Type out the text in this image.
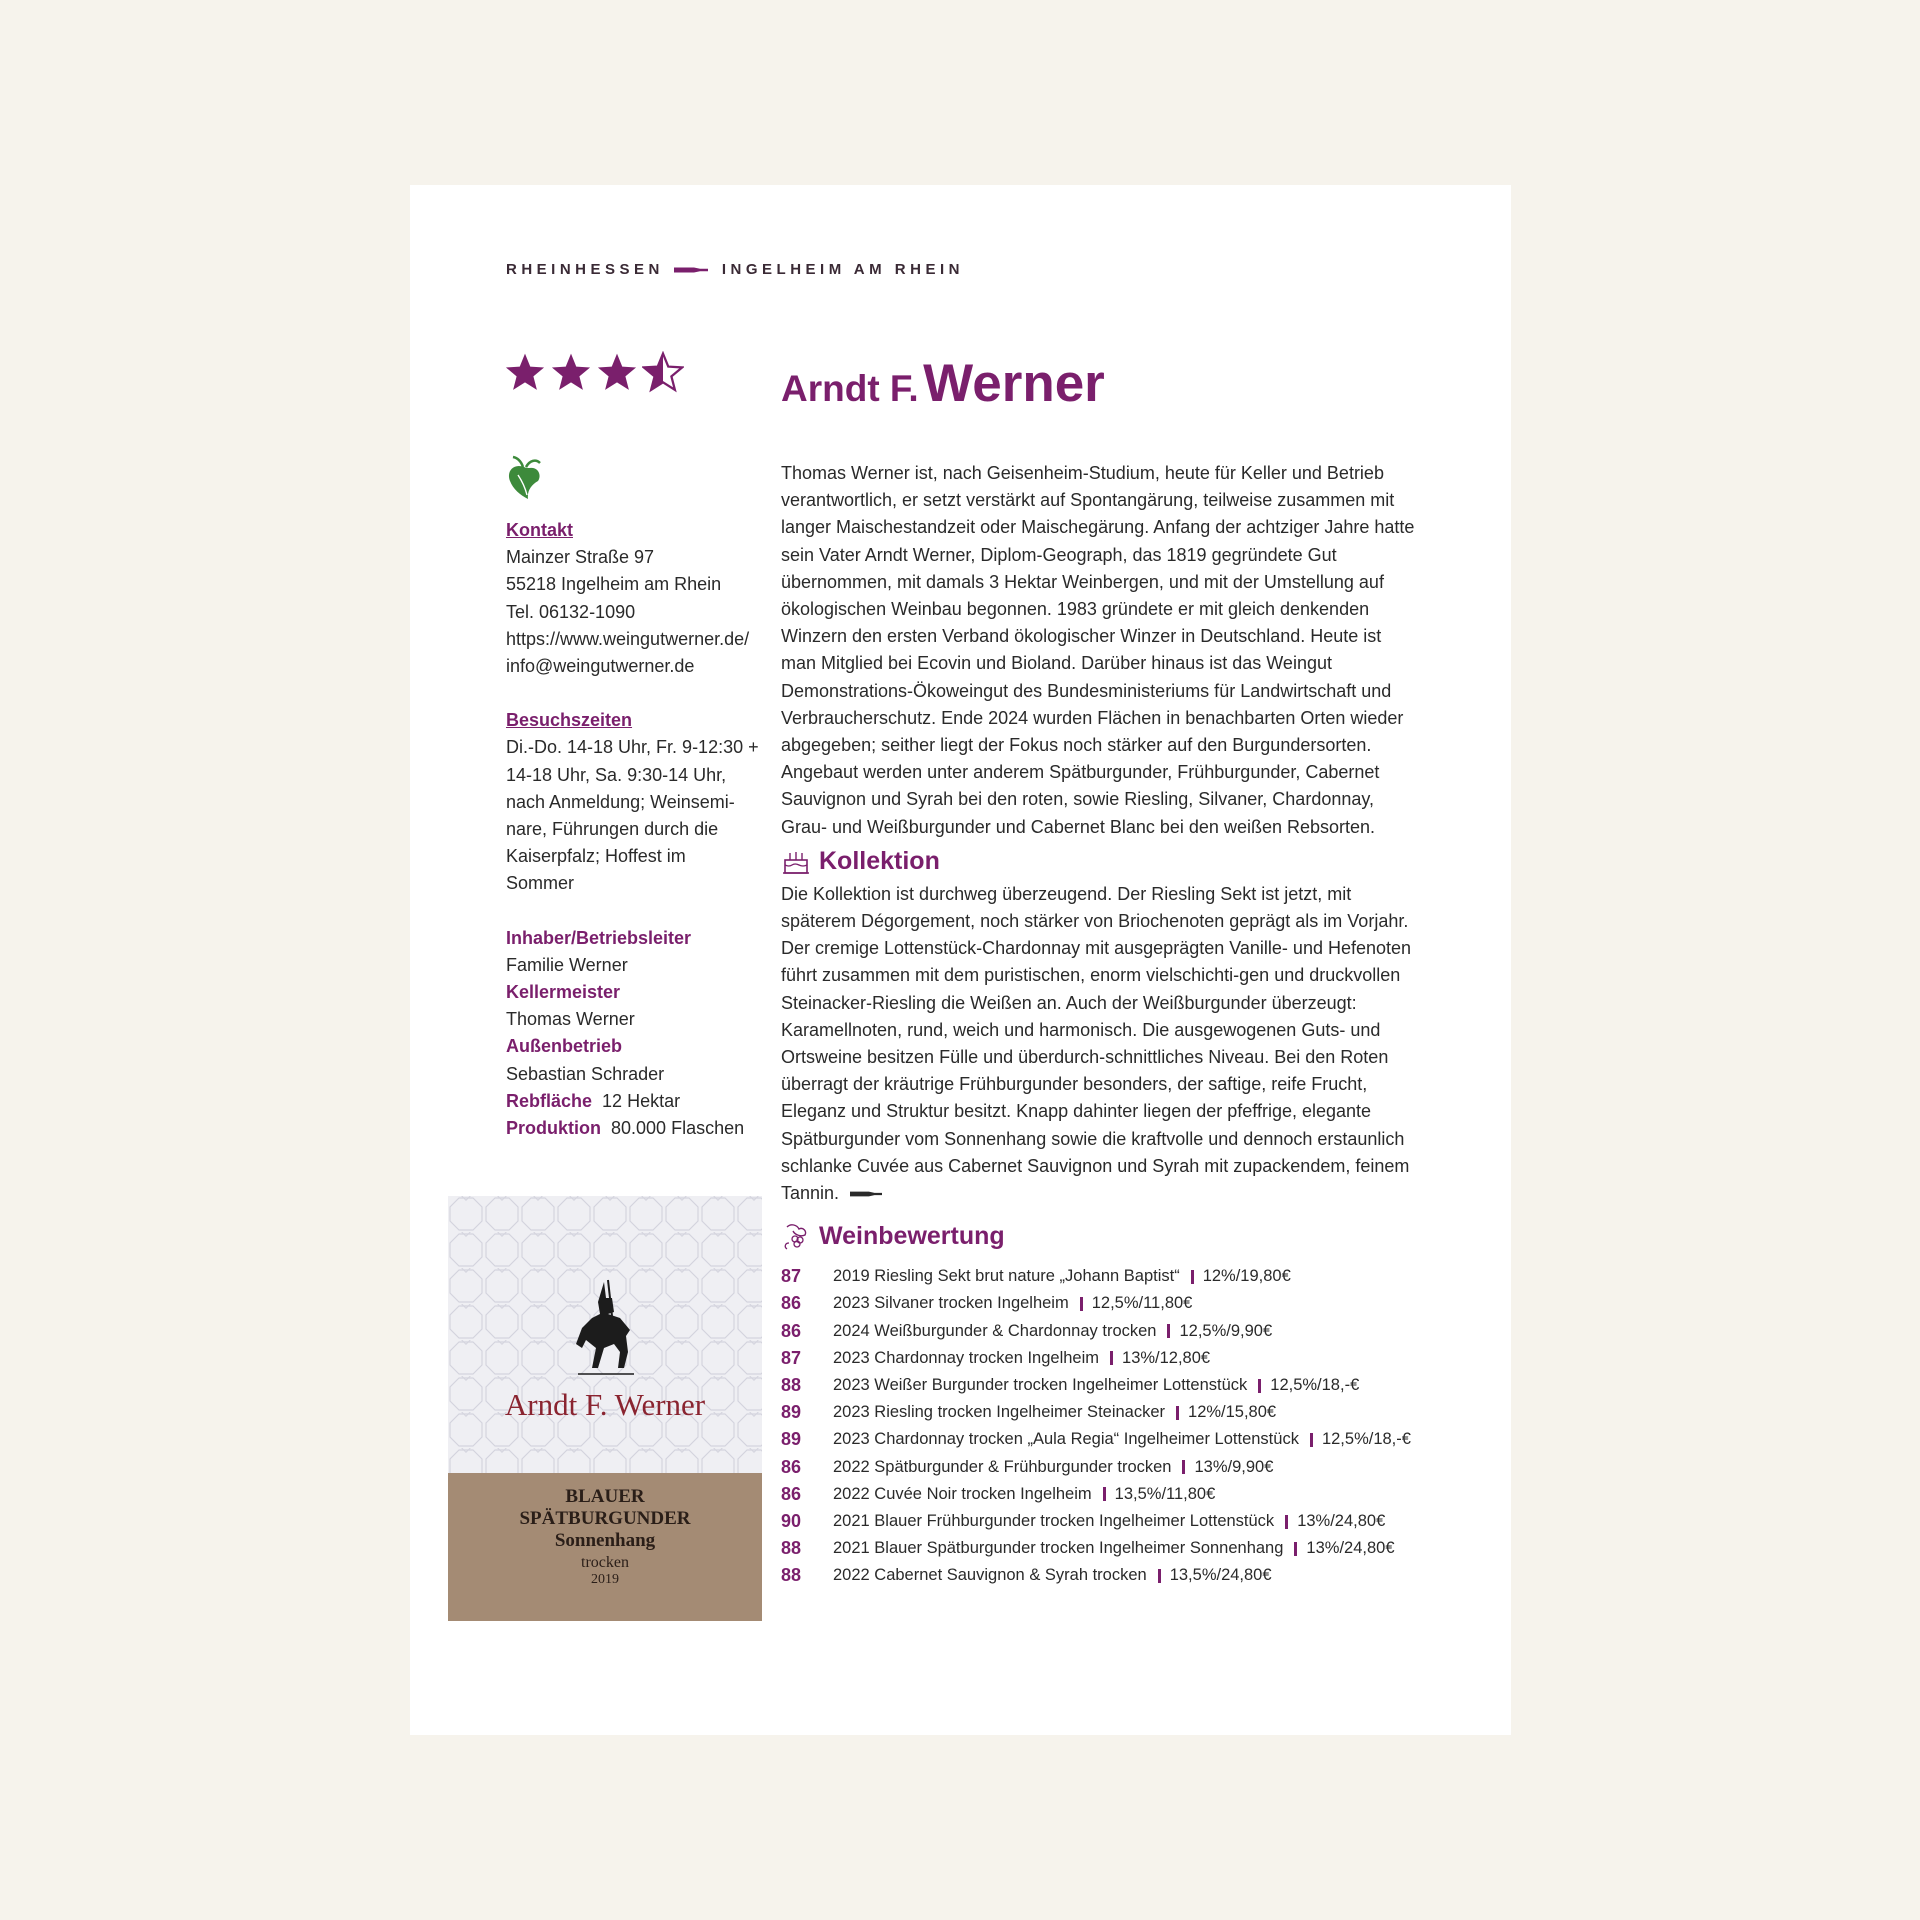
RHEINHESSEN	INGELHEIM AM RHEIN
Arndt F. Werner
Kontakt
Mainzer Straße 97
55218 Ingelheim am Rhein
Tel. 06132-1090
https://www.weingutwerner.de/
info@weingutwerner.de
Besuchszeiten
Di.-Do. 14-18 Uhr, Fr. 9-12:30 +
14-18 Uhr, Sa. 9:30-14 Uhr,
nach Anmeldung; Weinsemi-
nare, Führungen durch die
Kaiserpfalz; Hoffest im
Sommer
Inhaber/Betriebsleiter
Familie Werner
Kellermeister
Thomas Werner
Außenbetrieb
Sebastian Schrader
Rebfläche 12 Hektar
Produktion 80.000 Flaschen
Arndt F. Werner
BLAUER
SPÄTBURGUNDER
Sonnenhang
trocken
2019

Thomas Werner ist, nach Geisenheim-Studium, heute für Keller und Betrieb verantwortlich, er setzt verstärkt auf Spontangärung, teilweise zusammen mit langer Maischestandzeit oder Maischegärung. Anfang der achtziger Jahre hatte sein Vater Arndt Werner, Diplom-Geograph, das 1819 gegründete Gut übernommen, mit damals 3 Hektar Weinbergen, und mit der Umstellung auf ökologischen Weinbau begonnen. 1983 gründete er mit gleich denkenden Winzern den ersten Verband ökologischer Winzer in Deutschland. Heute ist man Mitglied bei Ecovin und Bioland. Darüber hinaus ist das Weingut Demonstrations-Ökoweingut des Bundesministeriums für Landwirtschaft und Verbraucherschutz. Ende 2024 wurden Flächen in benachbarten Orten wieder abgegeben; seither liegt der Fokus noch stärker auf den Burgundersorten. Angebaut werden unter anderem Spätburgunder, Frühburgunder, Cabernet Sauvignon und Syrah bei den roten, sowie Riesling, Silvaner, Chardonnay, Grau- und Weißburgunder und Cabernet Blanc bei den weißen Rebsorten.

Kollektion

Die Kollektion ist durchweg überzeugend. Der Riesling Sekt ist jetzt, mit späterem Dégorgement, noch stärker von Briochenoten geprägt als im Vorjahr. Der cremige Lottenstück-Chardonnay mit ausgeprägten Vanille- und Hefenoten führt zusammen mit dem puristischen, enorm vielschichti-gen und druckvollen Steinacker-Riesling die Weißen an. Auch der Weißburgunder überzeugt: Karamellnoten, rund, weich und harmonisch. Die ausgewogenen Guts- und Ortsweine besitzen Fülle und überdurch-schnittliches Niveau. Bei den Roten überragt der kräutrige Frühburgunder besonders, der saftige, reife Frucht, Eleganz und Struktur besitzt. Knapp dahinter liegen der pfeffrige, elegante Spätburgunder vom Sonnenhang sowie die kraftvolle und dennoch erstaunlich schlanke Cuvée aus Cabernet Sauvignon und Syrah mit zupackendem, feinem Tannin.

Weinbewertung
87	2019 Riesling Sekt brut nature „Johann Baptist“ 12%/19,80€
86	2023 Silvaner trocken Ingelheim 12,5%/11,80€
86	2024 Weißburgunder & Chardonnay trocken 12,5%/9,90€
87	2023 Chardonnay trocken Ingelheim 13%/12,80€
88	2023 Weißer Burgunder trocken Ingelheimer Lottenstück 12,5%/18,-€
89	2023 Riesling trocken Ingelheimer Steinacker 12%/15,80€
89	2023 Chardonnay trocken „Aula Regia“ Ingelheimer Lottenstück 12,5%/18,-€
86	2022 Spätburgunder & Frühburgunder trocken 13%/9,90€
86	2022 Cuvée Noir trocken Ingelheim 13,5%/11,80€
90	2021 Blauer Frühburgunder trocken Ingelheimer Lottenstück 13%/24,80€
88	2021 Blauer Spätburgunder trocken Ingelheimer Sonnenhang 13%/24,80€
88	2022 Cabernet Sauvignon & Syrah trocken 13,5%/24,80€
